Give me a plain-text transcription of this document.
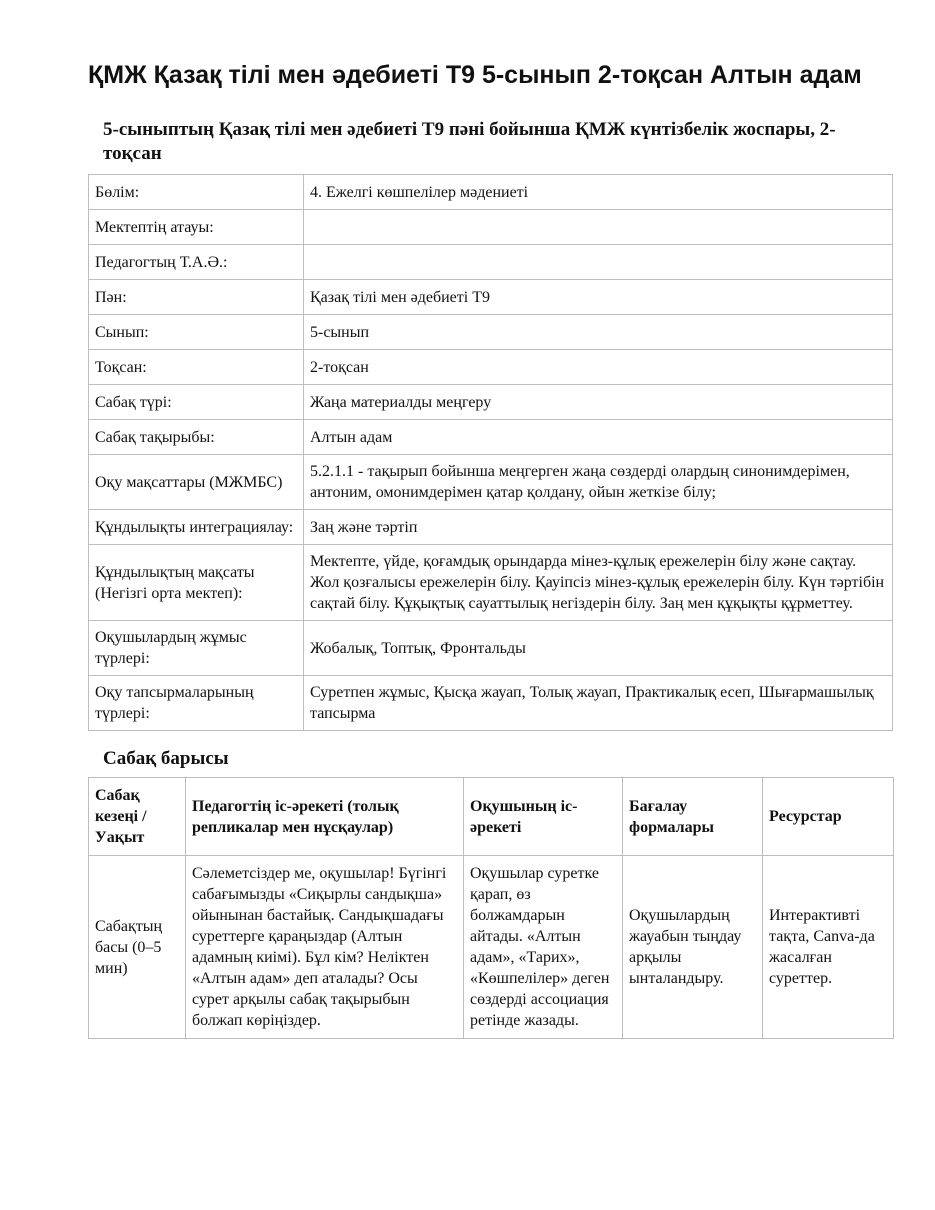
ҚМЖ Қазақ тілі мен әдебиеті Т9 5-сынып 2-тоқсан Алтын адам
5-сыныптың Қазақ тілі мен әдебиеті Т9 пәні бойынша ҚМЖ күнтізбелік жоспары, 2-тоқсан
Бөлім:	4. Ежелгі көшпелілер мәдениеті
Мектептің атауы:	
Педагогтың Т.А.Ә.:	
Пән:	Қазақ тілі мен әдебиеті Т9
Сынып:	5-сынып
Тоқсан:	2-тоқсан
Сабақ түрі:	Жаңа материалды меңгеру
Сабақ тақырыбы:	Алтын адам
Оқу мақсаттары (МЖМБС)	5.2.1.1 - тақырып бойынша меңгерген жаңа сөздерді олардың синонимдерімен, антоним, омонимдерімен қатар қолдану, ойын жеткізе білу;
Құндылықты интеграциялау:	Заң және тәртіп
Құндылықтың мақсаты (Негізгі орта мектеп):	Мектепте, үйде, қоғамдық орындарда мінез-құлық ережелерін білу және сақтау. Жол қозғалысы ережелерін білу. Қауіпсіз мінез-құлық ережелерін білу. Күн тәртібін сақтай білу. Құқықтық сауаттылық негіздерін білу. Заң мен құқықты құрметтеу.
Оқушылардың жұмыс түрлері:	Жобалық, Топтық, Фронтальды
Оқу тапсырмаларының түрлері:	Суретпен жұмыс, Қысқа жауап, Толық жауап, Практикалық есеп, Шығармашылық тапсырма
Сабақ барысы
Сабақ кезеңі / Уақыт	Педагогтің іс-әрекеті (толық репликалар мен нұсқаулар)	Оқушының іс-әрекеті	Бағалау формалары	Ресурстар
Сабақтың басы (0–5 мин)	Сәлеметсіздер ме, оқушылар! Бүгінгі сабағымызды «Сиқырлы сандықша» ойынынан бастайық. Сандықшадағы суреттерге қараңыздар (Алтын адамның киімі). Бұл кім? Неліктен «Алтын адам» деп аталады? Осы сурет арқылы сабақ тақырыбын болжап көріңіздер.	Оқушылар суретке қарап, өз болжамдарын айтады. «Алтын адам», «Тарих», «Көшпелілер» деген сөздерді ассоциация ретінде жазады.	Оқушылардың жауабын тыңдау арқылы ынталандыру.	Интерактивті тақта, Canva-да жасалған суреттер.
